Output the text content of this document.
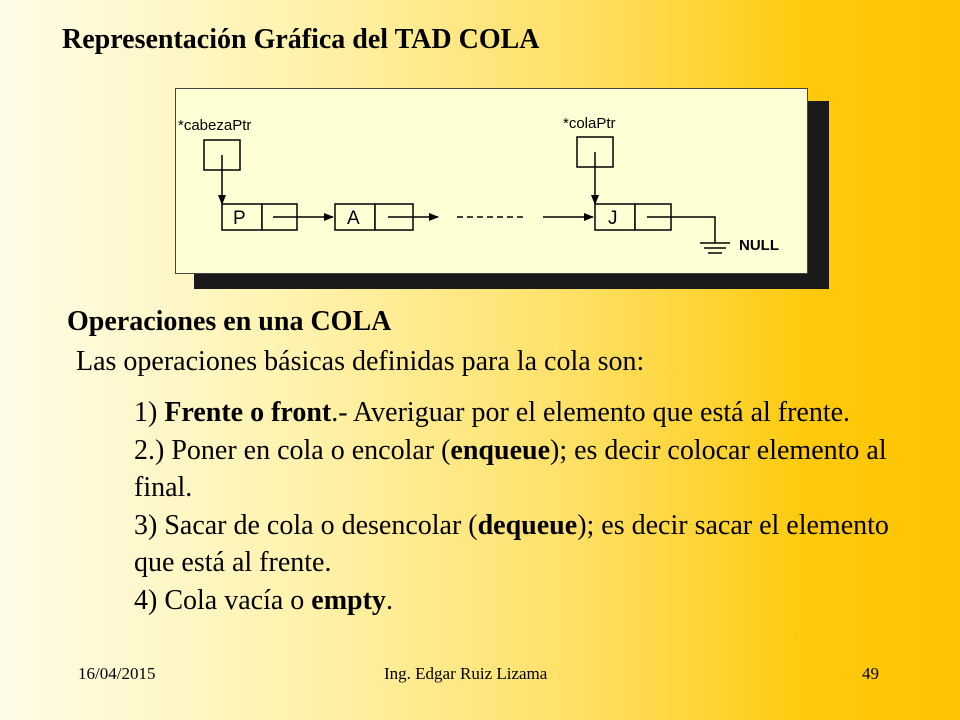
Representación Gráfica del TAD COLA
*cabezaPtr	*colaPtr
P	A	J
NULL
Operaciones en una COLA
Las operaciones básicas definidas para la cola son:
1) Frente o front.- Averiguar por el elemento que está al frente.
2.) Poner en cola o encolar (enqueue); es decir colocar elemento al final.
3) Sacar de cola o desencolar (dequeue); es decir sacar el elemento que está al frente.
4) Cola vacía o empty.
16/04/2015	Ing. Edgar Ruiz Lizama	49
